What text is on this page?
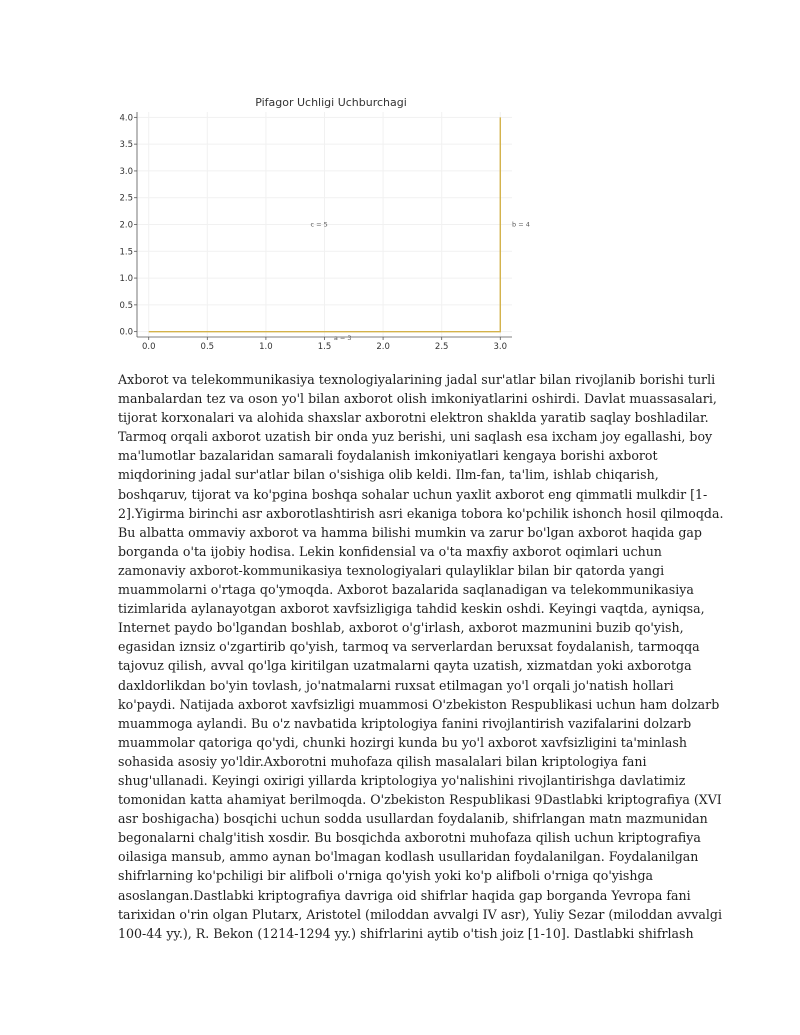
Pifagor Uchligi Uchburchagi
0.0	0.5	1.0	1.5	2.0	2.5	3.0
0.0
0.5
1.0
1.5
2.0
2.5
3.0
3.5
4.0
c = 5	b = 4
a = 3
Axborot va telekommunikasiya texnologiyalarining jadal sur'atlar bilan rivojlanib borishi turli
manbalardan tez va oson yo'l bilan axborot olish imkoniyatlarini oshirdi. Davlat muassasalari,
tijorat korxonalari va alohida shaxslar axborotni elektron shaklda yaratib saqlay boshladilar.
Tarmoq orqali axborot uzatish bir onda yuz berishi, uni saqlash esa ixcham joy egallashi, boy
ma'lumotlar bazalaridan samarali foydalanish imkoniyatlari kengaya borishi axborot
miqdorining jadal sur'atlar bilan o'sishiga olib keldi. Ilm-fan, ta'lim, ishlab chiqarish,
boshqaruv, tijorat va ko'pgina boshqa sohalar uchun yaxlit axborot eng qimmatli mulkdir [1-
2].Yigirma birinchi asr axborotlashtirish asri ekaniga tobora ko'pchilik ishonch hosil qilmoqda.
Bu albatta ommaviy axborot va hamma bilishi mumkin va zarur bo'lgan axborot haqida gap
borganda o'ta ijobiy hodisa. Lekin konfidensial va o'ta maxfiy axborot oqimlari uchun
zamonaviy axborot-kommunikasiya texnologiyalari qulayliklar bilan bir qatorda yangi
muammolarni o'rtaga qo'ymoqda. Axborot bazalarida saqlanadigan va telekommunikasiya
tizimlarida aylanayotgan axborot xavfsizligiga tahdid keskin oshdi. Keyingi vaqtda, ayniqsa,
Internet paydo bo'lgandan boshlab, axborot o'g'irlash, axborot mazmunini buzib qo'yish,
egasidan iznsiz o'zgartirib qo'yish, tarmoq va serverlardan beruxsat foydalanish, tarmoqqa
tajovuz qilish, avval qo'lga kiritilgan uzatmalarni qayta uzatish, xizmatdan yoki axborotga
daxldorlikdan bo'yin tovlash, jo'natmalarni ruxsat etilmagan yo'l orqali jo'natish hollari
ko'paydi. Natijada axborot xavfsizligi muammosi O'zbekiston Respublikasi uchun ham dolzarb
muammoga aylandi. Bu o'z navbatida kriptologiya fanini rivojlantirish vazifalarini dolzarb
muammolar qatoriga qo'ydi, chunki hozirgi kunda bu yo'l axborot xavfsizligini ta'minlash
sohasida asosiy yo'ldir.Axborotni muhofaza qilish masalalari bilan kriptologiya fani
shug'ullanadi. Keyingi oxirigi yillarda kriptologiya yo'nalishini rivojlantirishga davlatimiz
tomonidan katta ahamiyat berilmoqda. O'zbekiston Respublikasi 9Dastlabki kriptografiya (XVI
asr boshigacha) bosqichi uchun sodda usullardan foydalanib, shifrlangan matn mazmunidan
begonalarni chalg'itish xosdir. Bu bosqichda axborotni muhofaza qilish uchun kriptografiya
oilasiga mansub, ammo aynan bo'lmagan kodlash usullaridan foydalanilgan. Foydalanilgan
shifrlarning ko'pchiligi bir alifboli o'rniga qo'yish yoki ko'p alifboli o'rniga qo'yishga
asoslangan.Dastlabki kriptografiya davriga oid shifrlar haqida gap borganda Yevropa fani
tarixidan o'rin olgan Plutarx, Aristotel (miloddan avvalgi IV asr), Yuliy Sezar (miloddan avvalgi
100-44 yy.), R. Bekon (1214-1294 yy.) shifrlarini aytib o'tish joiz [1-10]. Dastlabki shifrlash
